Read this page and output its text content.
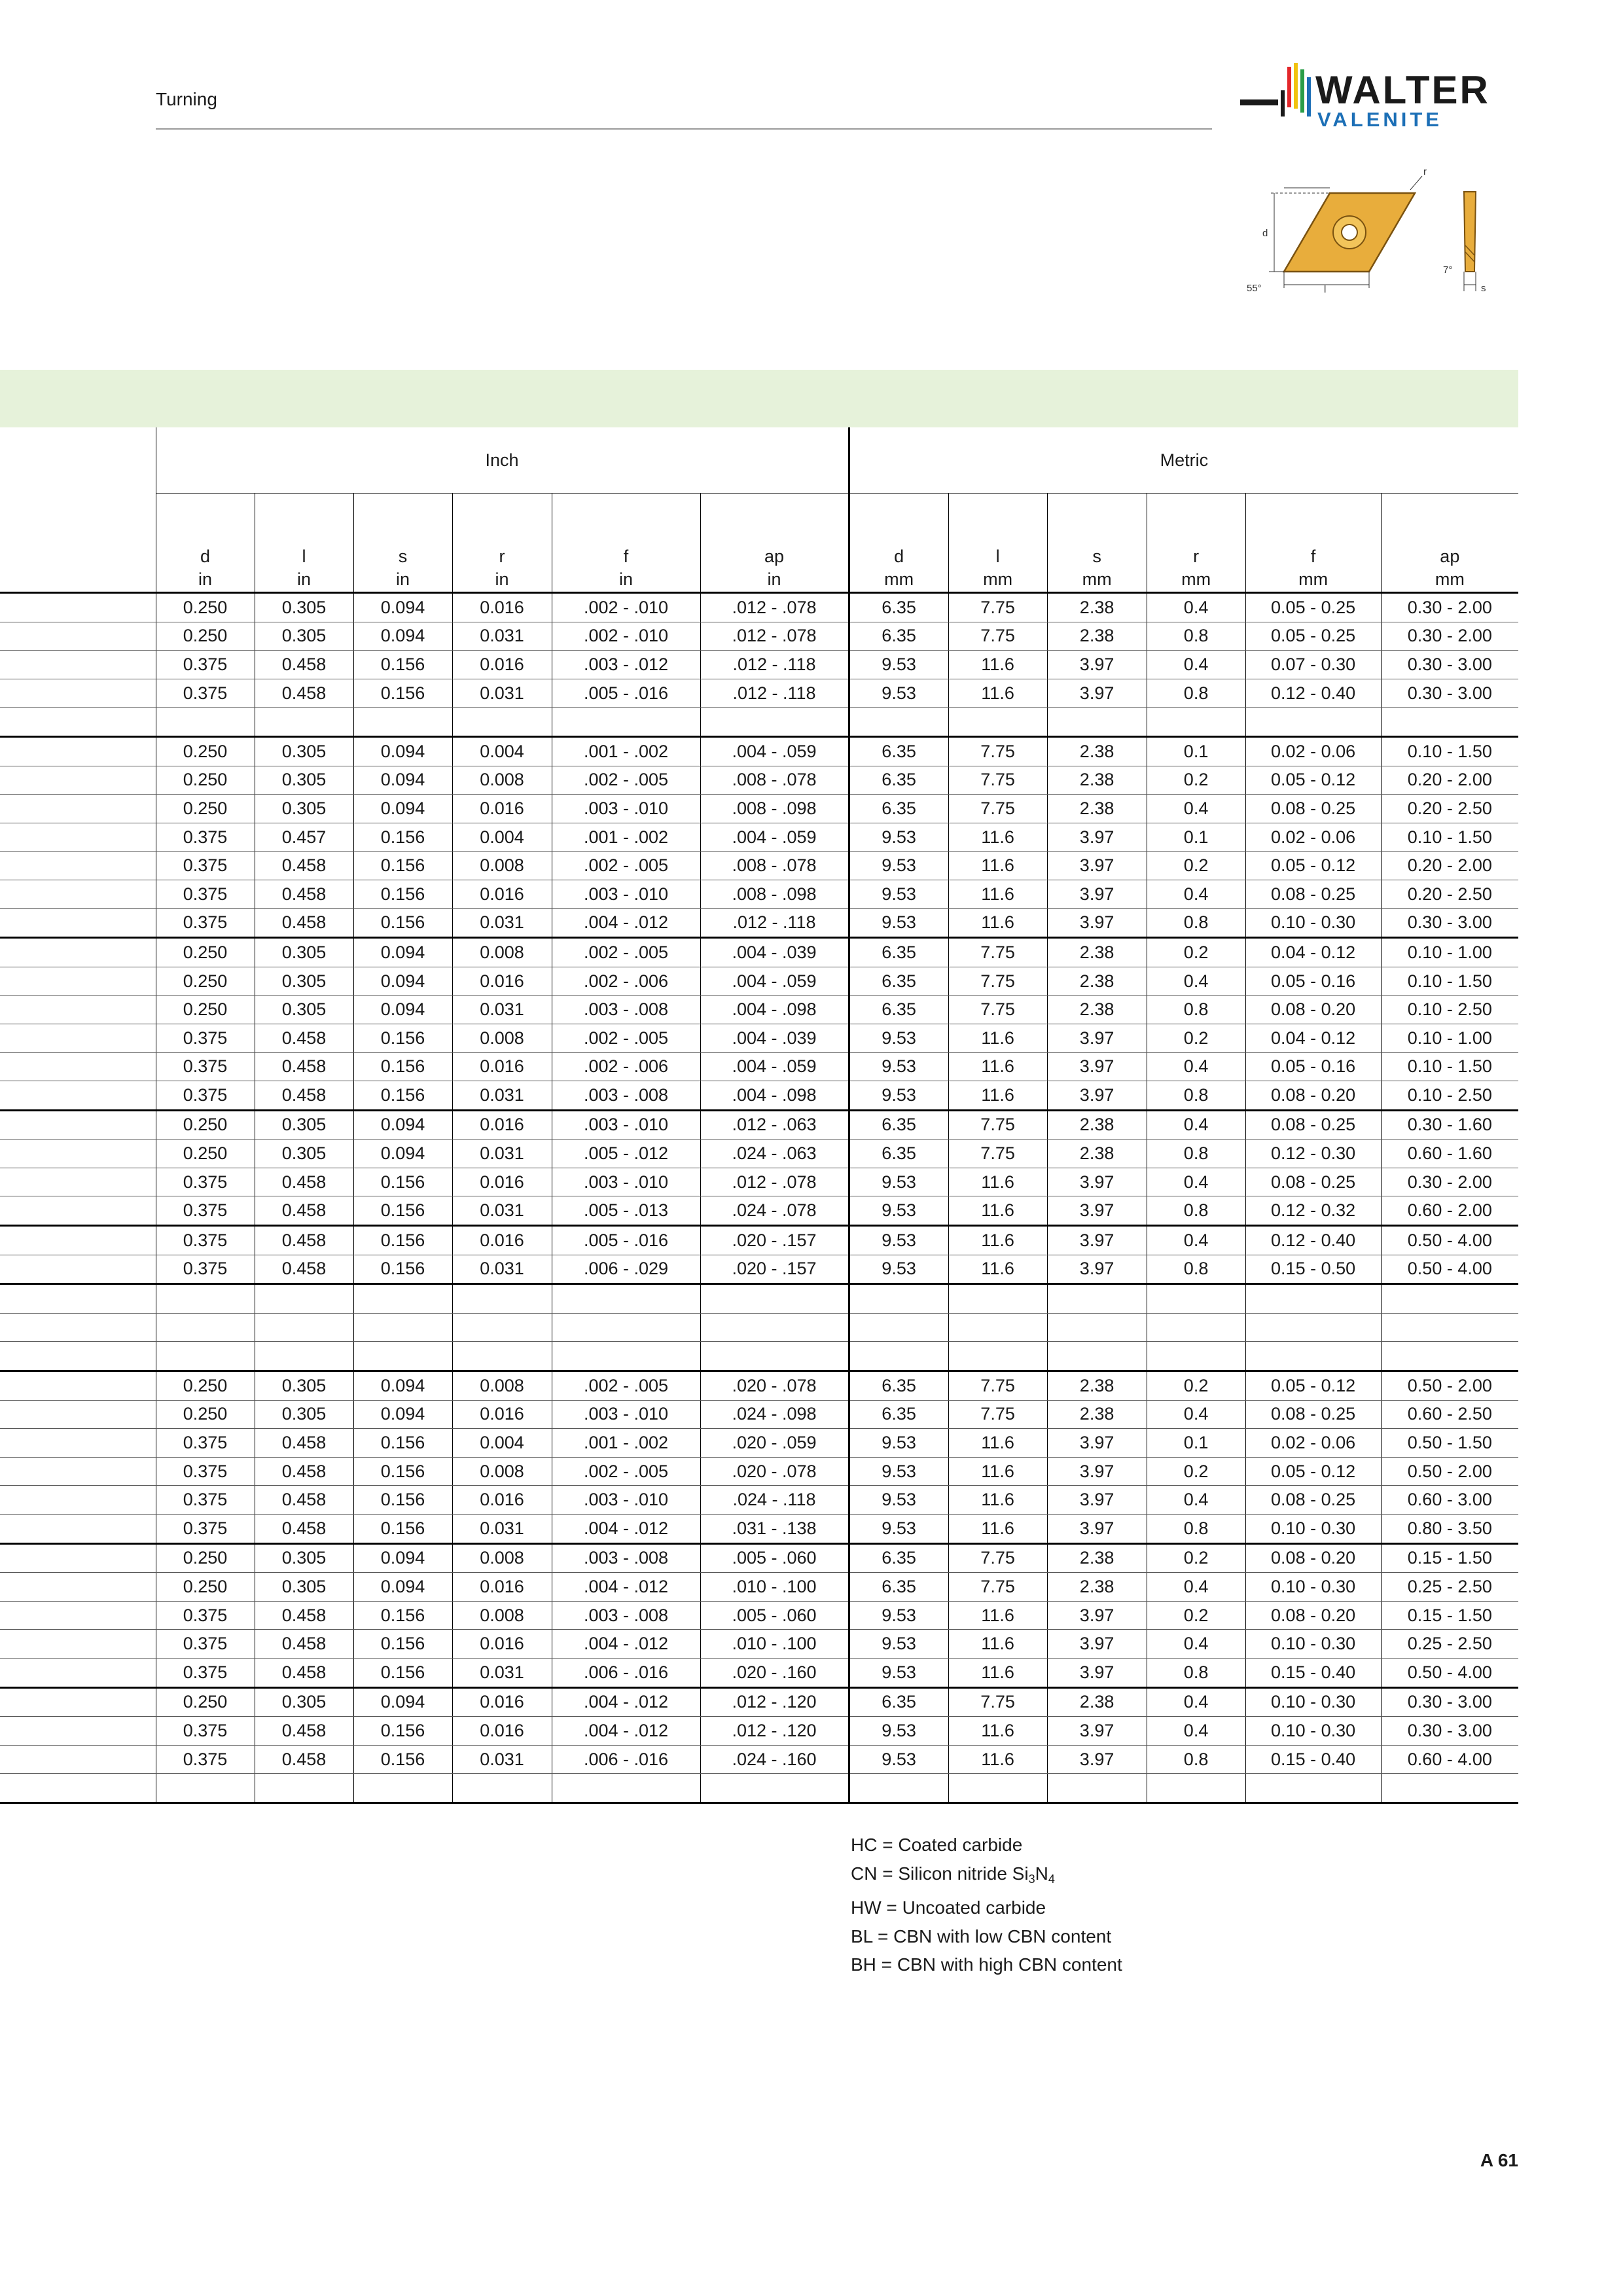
Turning	WALTER
VALENITE
d
l
55°
r
s
7°
	Inch						Metric					

	d	l	s	r	f	ap	d	l	s	r	f	ap
	in	in	in	in	in	in	mm	mm	mm	mm	mm	mm
	0.250	0.305	0.094	0.016	.002 - .010	.012 - .078	6.35	7.75	2.38	0.4	0.05 - 0.25	0.30 - 2.00
	0.250	0.305	0.094	0.031	.002 - .010	.012 - .078	6.35	7.75	2.38	0.8	0.05 - 0.25	0.30 - 2.00
	0.375	0.458	0.156	0.016	.003 - .012	.012 - .118	9.53	11.6	3.97	0.4	0.07 - 0.30	0.30 - 3.00
	0.375	0.458	0.156	0.031	.005 - .016	.012 - .118	9.53	11.6	3.97	0.8	0.12 - 0.40	0.30 - 3.00

	0.250	0.305	0.094	0.004	.001 - .002	.004 - .059	6.35	7.75	2.38	0.1	0.02 - 0.06	0.10 - 1.50
	0.250	0.305	0.094	0.008	.002 - .005	.008 - .078	6.35	7.75	2.38	0.2	0.05 - 0.12	0.20 - 2.00
	0.250	0.305	0.094	0.016	.003 - .010	.008 - .098	6.35	7.75	2.38	0.4	0.08 - 0.25	0.20 - 2.50
	0.375	0.457	0.156	0.004	.001 - .002	.004 - .059	9.53	11.6	3.97	0.1	0.02 - 0.06	0.10 - 1.50
	0.375	0.458	0.156	0.008	.002 - .005	.008 - .078	9.53	11.6	3.97	0.2	0.05 - 0.12	0.20 - 2.00
	0.375	0.458	0.156	0.016	.003 - .010	.008 - .098	9.53	11.6	3.97	0.4	0.08 - 0.25	0.20 - 2.50
	0.375	0.458	0.156	0.031	.004 - .012	.012 - .118	9.53	11.6	3.97	0.8	0.10 - 0.30	0.30 - 3.00
	0.250	0.305	0.094	0.008	.002 - .005	.004 - .039	6.35	7.75	2.38	0.2	0.04 - 0.12	0.10 - 1.00
	0.250	0.305	0.094	0.016	.002 - .006	.004 - .059	6.35	7.75	2.38	0.4	0.05 - 0.16	0.10 - 1.50
	0.250	0.305	0.094	0.031	.003 - .008	.004 - .098	6.35	7.75	2.38	0.8	0.08 - 0.20	0.10 - 2.50
	0.375	0.458	0.156	0.008	.002 - .005	.004 - .039	9.53	11.6	3.97	0.2	0.04 - 0.12	0.10 - 1.00
	0.375	0.458	0.156	0.016	.002 - .006	.004 - .059	9.53	11.6	3.97	0.4	0.05 - 0.16	0.10 - 1.50
	0.375	0.458	0.156	0.031	.003 - .008	.004 - .098	9.53	11.6	3.97	0.8	0.08 - 0.20	0.10 - 2.50
	0.250	0.305	0.094	0.016	.003 - .010	.012 - .063	6.35	7.75	2.38	0.4	0.08 - 0.25	0.30 - 1.60
	0.250	0.305	0.094	0.031	.005 - .012	.024 - .063	6.35	7.75	2.38	0.8	0.12 - 0.30	0.60 - 1.60
	0.375	0.458	0.156	0.016	.003 - .010	.012 - .078	9.53	11.6	3.97	0.4	0.08 - 0.25	0.30 - 2.00
	0.375	0.458	0.156	0.031	.005 - .013	.024 - .078	9.53	11.6	3.97	0.8	0.12 - 0.32	0.60 - 2.00
	0.375	0.458	0.156	0.016	.005 - .016	.020 - .157	9.53	11.6	3.97	0.4	0.12 - 0.40	0.50 - 4.00
	0.375	0.458	0.156	0.031	.006 - .029	.020 - .157	9.53	11.6	3.97	0.8	0.15 - 0.50	0.50 - 4.00

	0.250	0.305	0.094	0.008	.002 - .005	.020 - .078	6.35	7.75	2.38	0.2	0.05 - 0.12	0.50 - 2.00
	0.250	0.305	0.094	0.016	.003 - .010	.024 - .098	6.35	7.75	2.38	0.4	0.08 - 0.25	0.60 - 2.50
	0.375	0.458	0.156	0.004	.001 - .002	.020 - .059	9.53	11.6	3.97	0.1	0.02 - 0.06	0.50 - 1.50
	0.375	0.458	0.156	0.008	.002 - .005	.020 - .078	9.53	11.6	3.97	0.2	0.05 - 0.12	0.50 - 2.00
	0.375	0.458	0.156	0.016	.003 - .010	.024 - .118	9.53	11.6	3.97	0.4	0.08 - 0.25	0.60 - 3.00
	0.375	0.458	0.156	0.031	.004 - .012	.031 - .138	9.53	11.6	3.97	0.8	0.10 - 0.30	0.80 - 3.50
	0.250	0.305	0.094	0.008	.003 - .008	.005 - .060	6.35	7.75	2.38	0.2	0.08 - 0.20	0.15 - 1.50
	0.250	0.305	0.094	0.016	.004 - .012	.010 - .100	6.35	7.75	2.38	0.4	0.10 - 0.30	0.25 - 2.50
	0.375	0.458	0.156	0.008	.003 - .008	.005 - .060	9.53	11.6	3.97	0.2	0.08 - 0.20	0.15 - 1.50
	0.375	0.458	0.156	0.016	.004 - .012	.010 - .100	9.53	11.6	3.97	0.4	0.10 - 0.30	0.25 - 2.50
	0.375	0.458	0.156	0.031	.006 - .016	.020 - .160	9.53	11.6	3.97	0.8	0.15 - 0.40	0.50 - 4.00
	0.250	0.305	0.094	0.016	.004 - .012	.012 - .120	6.35	7.75	2.38	0.4	0.10 - 0.30	0.30 - 3.00
	0.375	0.458	0.156	0.016	.004 - .012	.012 - .120	9.53	11.6	3.97	0.4	0.10 - 0.30	0.30 - 3.00
	0.375	0.458	0.156	0.031	.006 - .016	.024 - .160	9.53	11.6	3.97	0.8	0.15 - 0.40	0.60 - 4.00

HC = Coated carbide
CN = Silicon nitride $Si_3N_4$
HW = Uncoated carbide
BL = CBN with low CBN content
BH = CBN with high CBN content
A 61
